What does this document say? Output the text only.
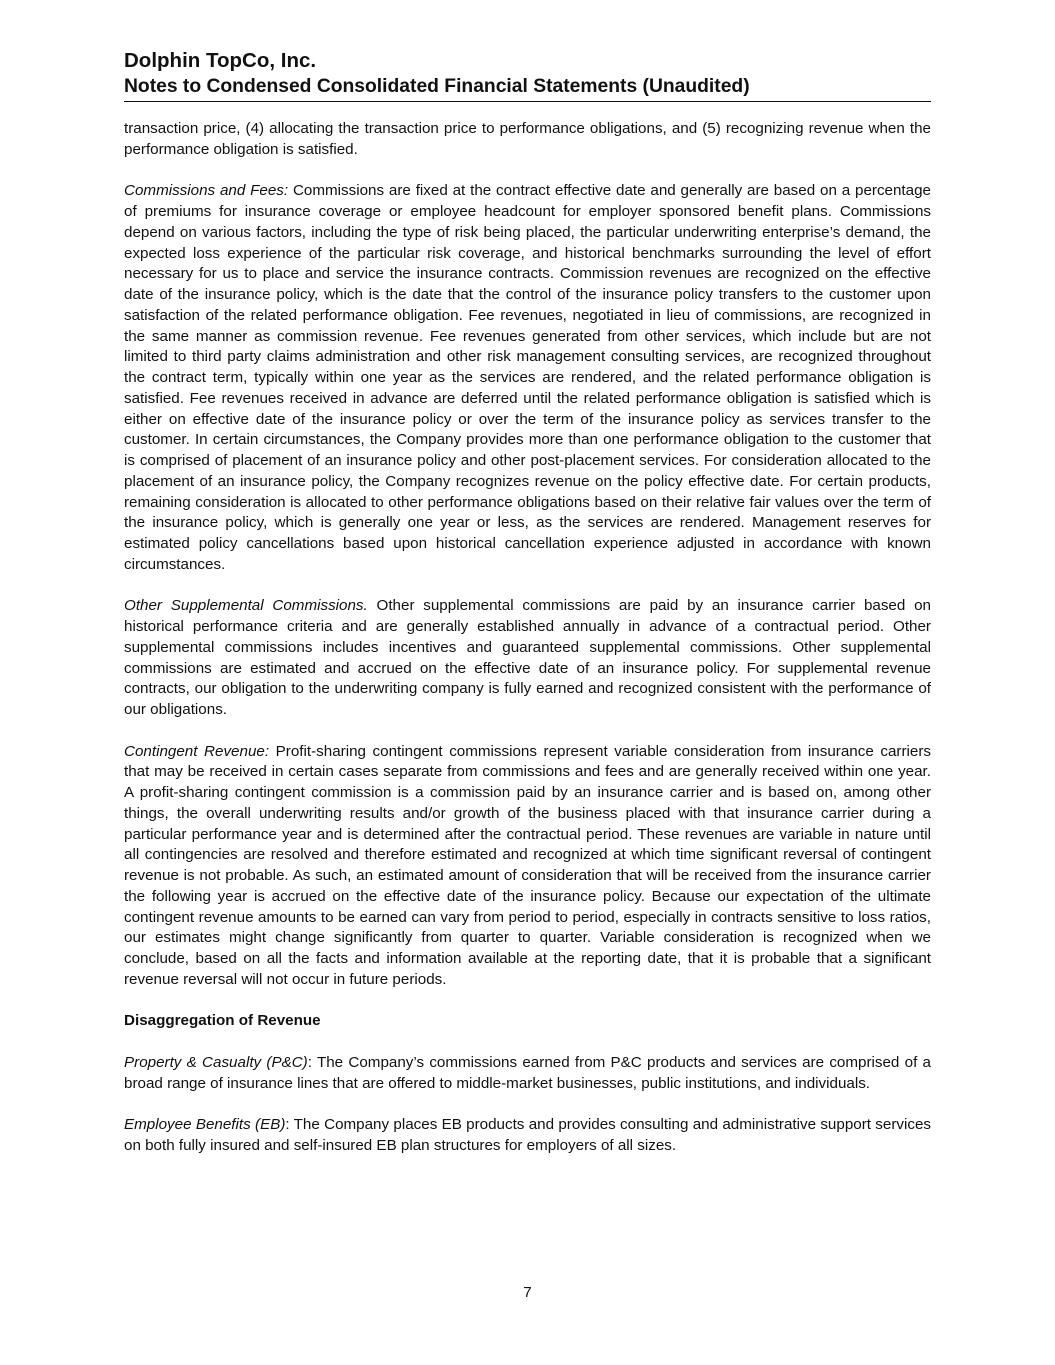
Dolphin TopCo, Inc.
Notes to Condensed Consolidated Financial Statements (Unaudited)

transaction price, (4) allocating the transaction price to performance obligations, and (5) recognizing revenue when the performance obligation is satisfied.

Commissions and Fees: Commissions are fixed at the contract effective date and generally are based on a percentage of premiums for insurance coverage or employee headcount for employer sponsored benefit plans. Commissions depend on various factors, including the type of risk being placed, the particular underwriting enterprise’s demand, the expected loss experience of the particular risk coverage, and historical benchmarks surrounding the level of effort necessary for us to place and service the insurance contracts. Commission revenues are recognized on the effective date of the insurance policy, which is the date that the control of the insurance policy transfers to the customer upon satisfaction of the related performance obligation. Fee revenues, negotiated in lieu of commissions, are recognized in the same manner as commission revenue. Fee revenues generated from other services, which include but are not limited to third party claims administration and other risk management consulting services, are recognized throughout the contract term, typically within one year as the services are rendered, and the related performance obligation is satisfied. Fee revenues received in advance are deferred until the related performance obligation is satisfied which is either on effective date of the insurance policy or over the term of the insurance policy as services transfer to the customer. In certain circumstances, the Company provides more than one performance obligation to the customer that is comprised of placement of an insurance policy and other post-placement services. For consideration allocated to the placement of an insurance policy, the Company recognizes revenue on the policy effective date. For certain products, remaining consideration is allocated to other performance obligations based on their relative fair values over the term of the insurance policy, which is generally one year or less, as the services are rendered. Management reserves for estimated policy cancellations based upon historical cancellation experience adjusted in accordance with known circumstances.

Other Supplemental Commissions. Other supplemental commissions are paid by an insurance carrier based on historical performance criteria and are generally established annually in advance of a contractual period. Other supplemental commissions includes incentives and guaranteed supplemental commissions. Other supplemental commissions are estimated and accrued on the effective date of an insurance policy. For supplemental revenue contracts, our obligation to the underwriting company is fully earned and recognized consistent with the performance of our obligations.

Contingent Revenue: Profit-sharing contingent commissions represent variable consideration from insurance carriers that may be received in certain cases separate from commissions and fees and are generally received within one year. A profit-sharing contingent commission is a commission paid by an insurance carrier and is based on, among other things, the overall underwriting results and/or growth of the business placed with that insurance carrier during a particular performance year and is determined after the contractual period. These revenues are variable in nature until all contingencies are resolved and therefore estimated and recognized at which time significant reversal of contingent revenue is not probable. As such, an estimated amount of consideration that will be received from the insurance carrier the following year is accrued on the effective date of the insurance policy. Because our expectation of the ultimate contingent revenue amounts to be earned can vary from period to period, especially in contracts sensitive to loss ratios, our estimates might change significantly from quarter to quarter. Variable consideration is recognized when we conclude, based on all the facts and information available at the reporting date, that it is probable that a significant revenue reversal will not occur in future periods.

Disaggregation of Revenue

Property & Casualty (P&C): The Company’s commissions earned from P&C products and services are comprised of a broad range of insurance lines that are offered to middle-market businesses, public institutions, and individuals.

Employee Benefits (EB): The Company places EB products and provides consulting and administrative support services on both fully insured and self-insured EB plan structures for employers of all sizes.

7
